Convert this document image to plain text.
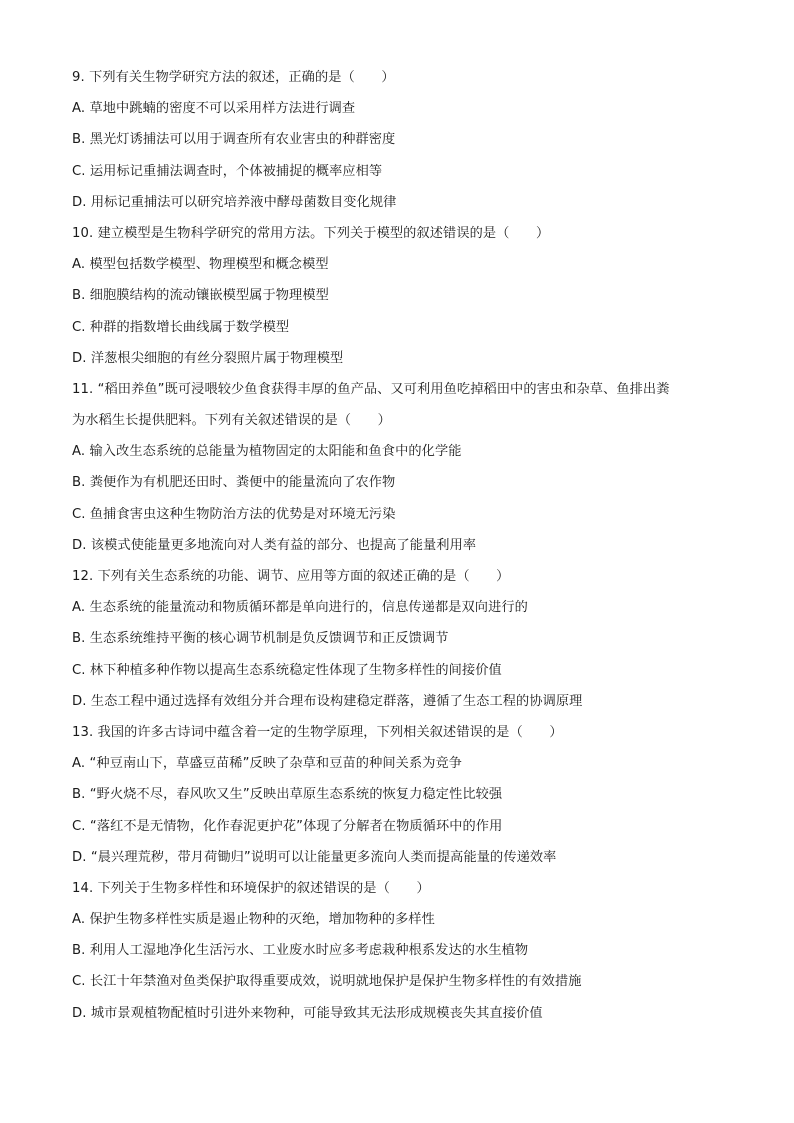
9. 下列有关生物学研究方法的叙述，正确的是（　　）
A. 草地中跳蝻的密度不可以采用样方法进行调查
B. 黑光灯诱捕法可以用于调查所有农业害虫的种群密度
C. 运用标记重捕法调查时，个体被捕捉的概率应相等
D. 用标记重捕法可以研究培养液中酵母菌数目变化规律
10. 建立模型是生物科学研究的常用方法。下列关于模型的叙述错误的是（　　）
A. 模型包括数学模型、物理模型和概念模型
B. 细胞膜结构的流动镶嵌模型属于物理模型
C. 种群的指数增长曲线属于数学模型
D. 洋葱根尖细胞的有丝分裂照片属于物理模型
11. “稻田养鱼”既可浸喂较少鱼食获得丰厚的鱼产品、又可利用鱼吃掉稻田中的害虫和杂草、鱼排出粪
为水稻生长提供肥料。下列有关叙述错误的是（　　）
A. 输入改生态系统的总能量为植物固定的太阳能和鱼食中的化学能
B. 粪便作为有机肥还田时、粪便中的能量流向了农作物
C. 鱼捕食害虫这种生物防治方法的优势是对环境无污染
D. 该模式使能量更多地流向对人类有益的部分、也提高了能量利用率
12. 下列有关生态系统的功能、调节、应用等方面的叙述正确的是（　　）
A. 生态系统的能量流动和物质循环都是单向进行的，信息传递都是双向进行的
B. 生态系统维持平衡的核心调节机制是负反馈调节和正反馈调节
C. 林下种植多种作物以提高生态系统稳定性体现了生物多样性的间接价值
D. 生态工程中通过选择有效组分并合理布设构建稳定群落，遵循了生态工程的协调原理
13. 我国的许多古诗词中蕴含着一定的生物学原理，下列相关叙述错误的是（　　）
A. “种豆南山下，草盛豆苗稀”反映了杂草和豆苗的种间关系为竞争
B. “野火烧不尽，春风吹又生”反映出草原生态系统的恢复力稳定性比较强
C. “落红不是无情物，化作春泥更护花”体现了分解者在物质循环中的作用
D. “晨兴理荒秽，带月荷锄归”说明可以让能量更多流向人类而提高能量的传递效率
14. 下列关于生物多样性和环境保护的叙述错误的是（　　）
A. 保护生物多样性实质是遏止物种的灭绝，增加物种的多样性
B. 利用人工湿地净化生活污水、工业废水时应多考虑栽种根系发达的水生植物
C. 长江十年禁渔对鱼类保护取得重要成效，说明就地保护是保护生物多样性的有效措施
D. 城市景观植物配植时引进外来物种，可能导致其无法形成规模丧失其直接价值
